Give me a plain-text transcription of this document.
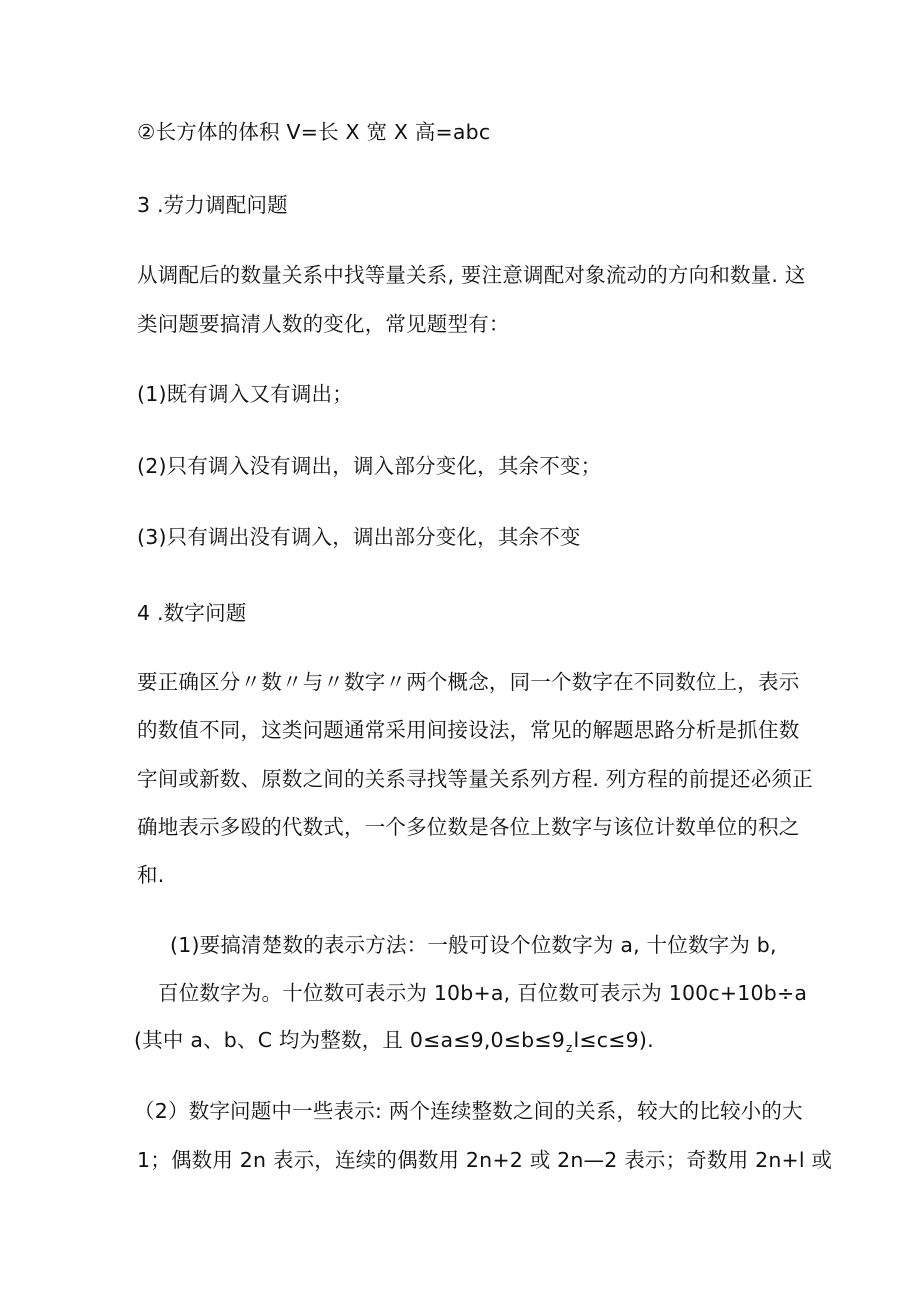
②长方体的体积 V=长 X 宽 X 高=abc
3 .劳力调配问题
从调配后的数量关系中找等量关系, 要注意调配对象流动的方向和数量. 这
类问题要搞清人数的变化，常见题型有：
(1)既有调入又有调出；
(2)只有调入没有调出，调入部分变化，其余不变；
(3)只有调出没有调入，调出部分变化，其余不变
4 .数字问题
要正确区分〃数〃与〃数字〃两个概念，同一个数字在不同数位上，表示
的数值不同，这类问题通常采用间接设法，常见的解题思路分析是抓住数
字间或新数、原数之间的关系寻找等量关系列方程. 列方程的前提还必须正
确地表示多殴的代数式，一个多位数是各位上数字与该位计数单位的积之
和.
(1)要搞清楚数的表示方法：一般可设个位数字为 a, 十位数字为 b,
百位数字为。十位数可表示为 10b+a, 百位数可表示为 100c+10b÷a
(其中 a、b、C 均为整数，且 $0\le a\le 9,0\le b\le 9_zl\le c\le 9$).
（2）数字问题中一些表示: 两个连续整数之间的关系，较大的比较小的大
1；偶数用 2n 表示，连续的偶数用 2n+2 或 2n—2 表示；奇数用 2n+l 或
